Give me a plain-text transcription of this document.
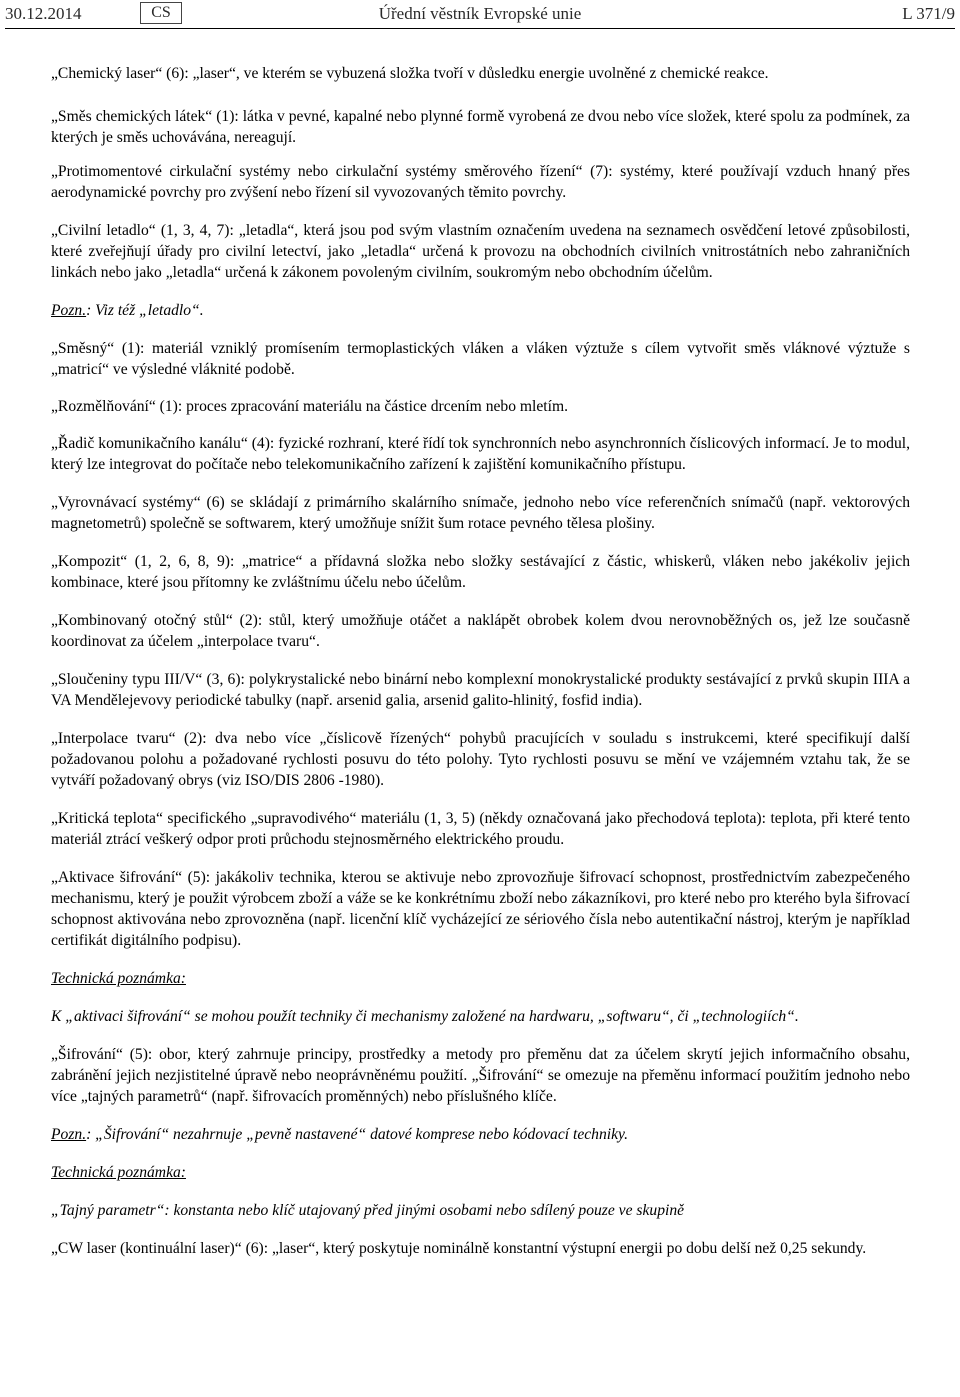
30.12.2014	CS	Úřední věstník Evropské unie	L 371/9

„Chemický laser“ (6): „laser“, ve kterém se vybuzená složka tvoří v důsledku energie uvolněné z chemické reakce.

„Směs chemických látek“ (1): látka v pevné, kapalné nebo plynné formě vyrobená ze dvou nebo více složek, které spolu za podmínek, za kterých je směs uchovávána, nereagují.

„Protimomentové cirkulační systémy nebo cirkulační systémy směrového řízení“ (7): systémy, které používají vzduch hnaný přes aerodynamické povrchy pro zvýšení nebo řízení sil vyvozovaných těmito povrchy.

„Civilní letadlo“ (1, 3, 4, 7): „letadla“, která jsou pod svým vlastním označením uvedena na seznamech osvědčení letové způsobilosti, které zveřejňují úřady pro civilní letectví, jako „letadla“ určená k provozu na obchodních civilních vnitrostátních nebo zahraničních linkách nebo jako „letadla“ určená k zákonem povoleným civilním, soukromým nebo obchodním účelům.

Pozn.: Viz též „letadlo“.

„Směsný“ (1): materiál vzniklý promísením termoplastických vláken a vláken výztuže s cílem vytvořit směs vláknové výztuže s „matricí“ ve výsledné vláknité podobě.

„Rozmělňování“ (1): proces zpracování materiálu na částice drcením nebo mletím.

„Řadič komunikačního kanálu“ (4): fyzické rozhraní, které řídí tok synchronních nebo asynchronních číslicových informací. Je to modul, který lze integrovat do počítače nebo telekomunikačního zařízení k zajištění komunikačního přístupu.

„Vyrovnávací systémy“ (6) se skládají z primárního skalárního snímače, jednoho nebo více referenčních snímačů (např. vektorových magnetometrů) společně se softwarem, který umožňuje snížit šum rotace pevného tělesa plošiny.

„Kompozit“ (1, 2, 6, 8, 9): „matrice“ a přídavná složka nebo složky sestávající z částic, whiskerů, vláken nebo jakékoliv jejich kombinace, které jsou přítomny ke zvláštnímu účelu nebo účelům.

„Kombinovaný otočný stůl“ (2): stůl, který umožňuje otáčet a naklápět obrobek kolem dvou nerovnoběžných os, jež lze současně koordinovat za účelem „interpolace tvaru“.

„Sloučeniny typu III/V“ (3, 6): polykrystalické nebo binární nebo komplexní monokrystalické produkty sestávající z prvků skupin IIIA a VA Mendělejevovy periodické tabulky (např. arsenid galia, arsenid galito-hlinitý, fosfid india).

„Interpolace tvaru“ (2): dva nebo více „číslicově řízených“ pohybů pracujících v souladu s instrukcemi, které specifikují další požadovanou polohu a požadované rychlosti posuvu do této polohy. Tyto rychlosti posuvu se mění ve vzájemném vztahu tak, že se vytváří požadovaný obrys (viz ISO/DIS 2806 -1980).

„Kritická teplota“ specifického „supravodivého“ materiálu (1, 3, 5) (někdy označovaná jako přechodová teplota): teplota, při které tento materiál ztrácí veškerý odpor proti průchodu stejnosměrného elektrického proudu.

„Aktivace šifrování“ (5): jakákoliv technika, kterou se aktivuje nebo zprovozňuje šifrovací schopnost, prostřednictvím zabezpečeného mechanismu, který je použit výrobcem zboží a váže se ke konkrétnímu zboží nebo zákazníkovi, pro které nebo pro kterého byla šifrovací schopnost aktivována nebo zprovozněna (např. licenční klíč vycházející ze sériového čísla nebo autentikační nástroj, kterým je například certifikát digitálního podpisu).

Technická poznámka:

K „aktivaci šifrování“ se mohou použít techniky či mechanismy založené na hardwaru, „softwaru“, či „technologiích“.

„Šifrování“ (5): obor, který zahrnuje principy, prostředky a metody pro přeměnu dat za účelem skrytí jejich informačního obsahu, zabránění jejich nezjistitelné úpravě nebo neoprávněnému použití. „Šifrování“ se omezuje na přeměnu informací použitím jednoho nebo více „tajných parametrů“ (např. šifrovacích proměnných) nebo příslušného klíče.

Pozn.: „Šifrování“ nezahrnuje „pevně nastavené“ datové komprese nebo kódovací techniky.

Technická poznámka:

„Tajný parametr“: konstanta nebo klíč utajovaný před jinými osobami nebo sdílený pouze ve skupině

„CW laser (kontinuální laser)“ (6): „laser“, který poskytuje nominálně konstantní výstupní energii po dobu delší než 0,25 sekundy.
